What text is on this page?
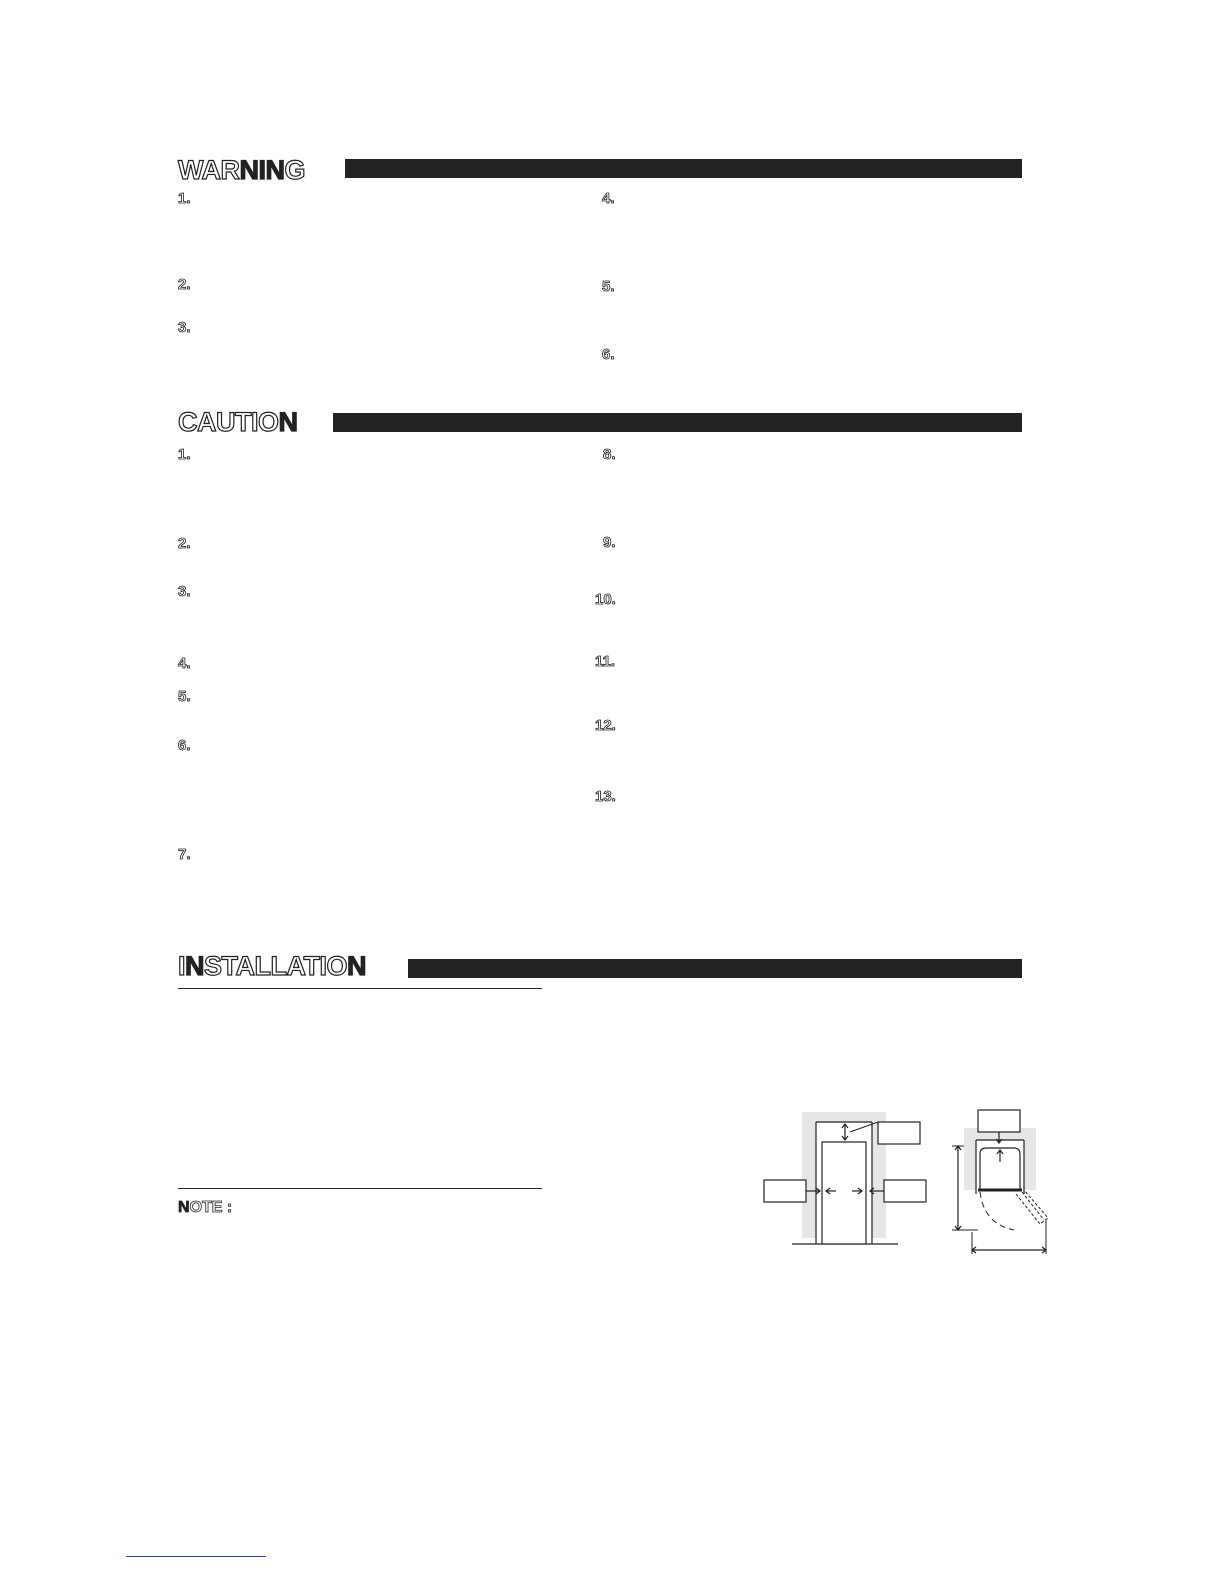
WARNING
1.
2.
3.
4.
5.
6.
CAUTION
1.
2.
3.
4.
5.
6.
7.
8.
9.
10.
11.
12.
13.
INSTALLATION
NOTE :
